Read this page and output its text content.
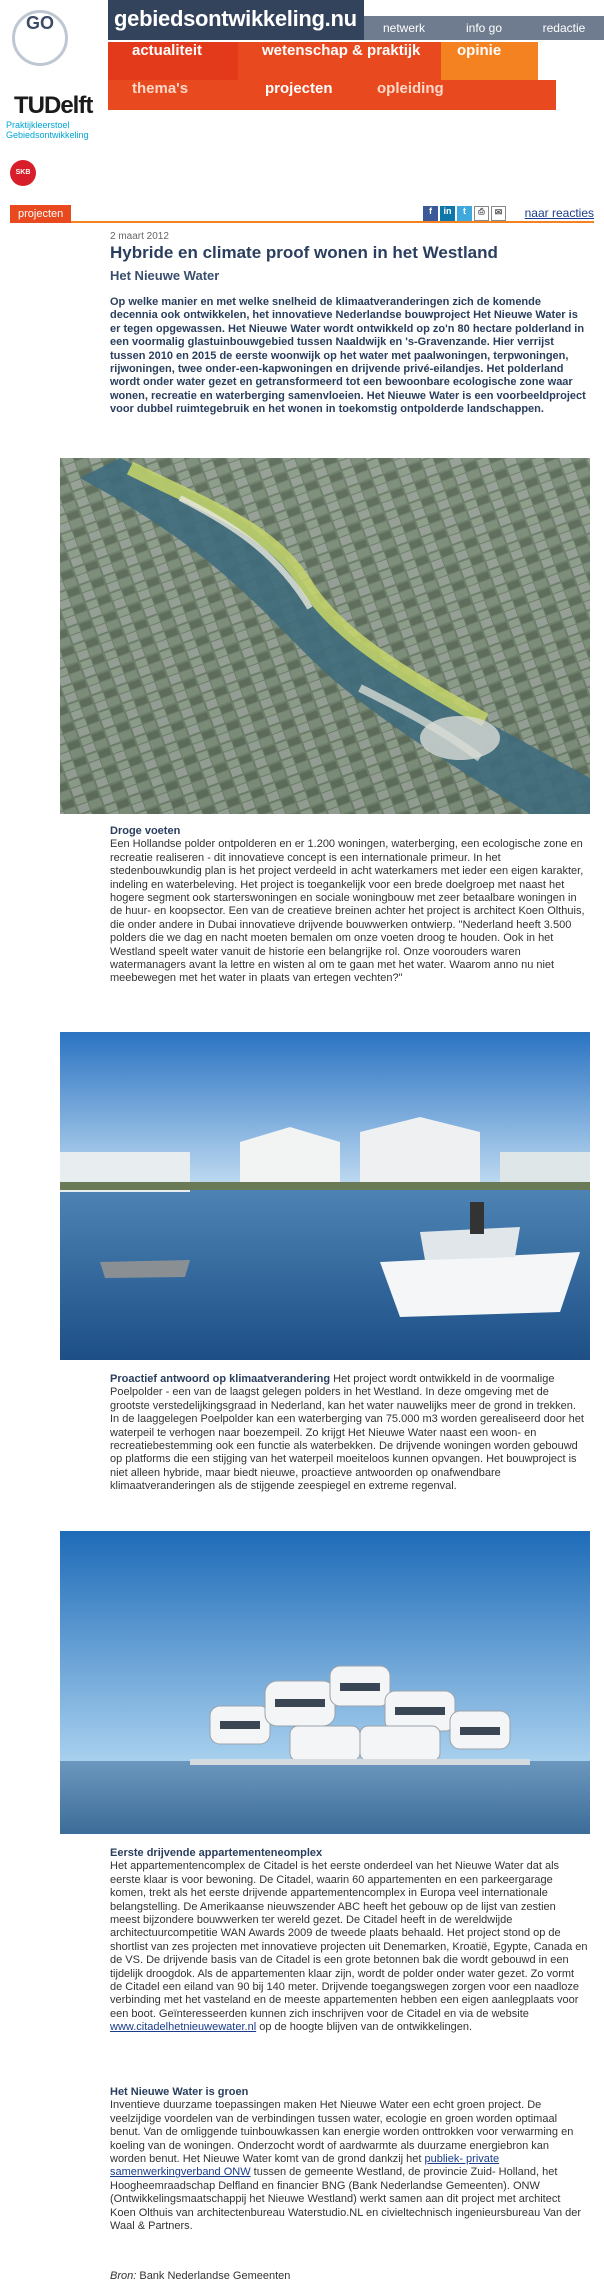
GO	gebiedsontwikkeling.nu	netwerk	info go	redactie
actualiteit	wetenschap & praktijk	opinie
thema's	projecten	opleiding
TUDelft
Praktijkleerstoel
Gebiedsontwikkeling
SKB
projecten	f	in	t	⎙	✉	naar reacties
2 maart 2012
Hybride en climate proof wonen in het Westland
Het Nieuwe Water
Op welke manier en met welke snelheid de klimaatveranderingen zich de komende decennia ook ontwikkelen, het innovatieve Nederlandse bouwproject Het Nieuwe Water is er tegen opgewassen. Het Nieuwe Water wordt ontwikkeld op zo'n 80 hectare polderland in een voormalig glastuinbouwgebied tussen Naaldwijk en 's-Gravenzande. Hier verrijst tussen 2010 en 2015 de eerste woonwijk op het water met paalwoningen, terpwoningen, rijwoningen, twee onder-een-kapwoningen en drijvende privé-eilandjes. Het polderland wordt onder water gezet en getransformeerd tot een bewoonbare ecologische zone waar wonen, recreatie en waterberging samenvloeien. Het Nieuwe Water is een voorbeeldproject voor dubbel ruimtegebruik en het wonen in toekomstig ontpolderde landschappen.
Droge voeten
Een Hollandse polder ontpolderen en er 1.200 woningen, waterberging, een ecologische zone en recreatie realiseren - dit innovatieve concept is een internationale primeur. In het stedenbouwkundig plan is het project verdeeld in acht waterkamers met ieder een eigen karakter, indeling en waterbeleving. Het project is toegankelijk voor een brede doelgroep met naast het hogere segment ook starterswoningen en sociale woningbouw met zeer betaalbare woningen in de huur- en koopsector. Een van de creatieve breinen achter het project is architect Koen Olthuis, die onder andere in Dubai innovatieve drijvende bouwwerken ontwierp. "Nederland heeft 3.500 polders die we dag en nacht moeten bemalen om onze voeten droog te houden. Ook in het Westland speelt water vanuit de historie een belangrijke rol. Onze voorouders waren watermanagers avant la lettre en wisten al om te gaan met het water. Waarom anno nu niet meebewegen met het water in plaats van ertegen vechten?"
Proactief antwoord op klimaatverandering Het project wordt ontwikkeld in de voormalige Poelpolder - een van de laagst gelegen polders in het Westland. In deze omgeving met de grootste verstedelijkingsgraad in Nederland, kan het water nauwelijks meer de grond in trekken. In de laaggelegen Poelpolder kan een waterberging van 75.000 m3 worden gerealiseerd door het waterpeil te verhogen naar boezempeil. Zo krijgt Het Nieuwe Water naast een woon- en recreatiebestemming ook een functie als waterbekken. De drijvende woningen worden gebouwd op platforms die een stijging van het waterpeil moeiteloos kunnen opvangen. Het bouwproject is niet alleen hybride, maar biedt nieuwe, proactieve antwoorden op onafwendbare klimaatveranderingen als de stijgende zeespiegel en extreme regenval.
Eerste drijvende appartementeneomplex
Het appartementencomplex de Citadel is het eerste onderdeel van het Nieuwe Water dat als eerste klaar is voor bewoning. De Citadel, waarin 60 appartementen en een parkeergarage komen, trekt als het eerste drijvende appartementencomplex in Europa veel internationale belangstelling. De Amerikaanse nieuwszender ABC heeft het gebouw op de lijst van zestien meest bijzondere bouwwerken ter wereld gezet. De Citadel heeft in de wereldwijde architectuurcompetitie WAN Awards 2009 de tweede plaats behaald. Het project stond op de shortlist van zes projecten met innovatieve projecten uit Denemarken, Kroatië, Egypte, Canada en de VS. De drijvende basis van de Citadel is een grote betonnen bak die wordt gebouwd in een tijdelijk droogdok. Als de appartementen klaar zijn, wordt de polder onder water gezet. Zo vormt de Citadel een eiland van 90 bij 140 meter. Drijvende toegangswegen zorgen voor een naadloze verbinding met het vasteland en de meeste appartementen hebben een eigen aanlegplaats voor een boot. Geïnteresseerden kunnen zich inschrijven voor de Citadel en via de website www.citadelhetnieuwewater.nl op de hoogte blijven van de ontwikkelingen.
Het Nieuwe Water is groen
Inventieve duurzame toepassingen maken Het Nieuwe Water een echt groen project. De veelzijdige voordelen van de verbindingen tussen water, ecologie en groen worden optimaal benut. Van de omliggende tuinbouwkassen kan energie worden onttrokken voor verwarming en koeling van de woningen. Onderzocht wordt of aardwarmte als duurzame energiebron kan worden benut. Het Nieuwe Water komt van de grond dankzij het publiek- private samenwerkingverband ONW tussen de gemeente Westland, de provincie Zuid- Holland, het Hoogheemraadschap Delfland en financier BNG (Bank Nederlandse Gemeenten). ONW (Ontwikkelingsmaatschappij het Nieuwe Westland) werkt samen aan dit project met architect Koen Olthuis van architectenbureau Waterstudio.NL en civieltechnisch ingenieursbureau Van der Waal & Partners.
Bron: Bank Nederlandse Gemeenten
